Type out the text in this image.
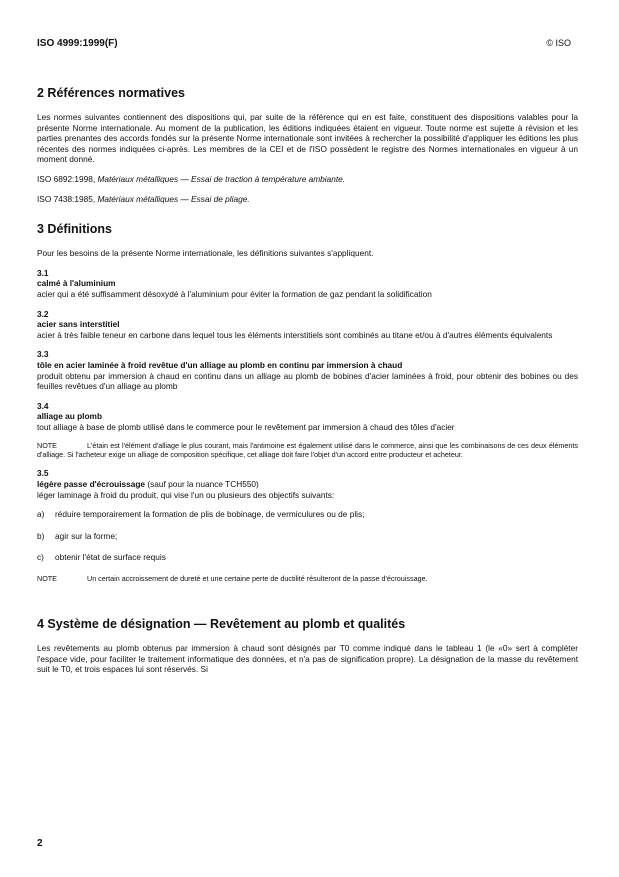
ISO 4999:1999(F)	© ISO
2 Références normatives

Les normes suivantes contiennent des dispositions qui, par suite de la référence qui en est faite, constituent des dispositions valables pour la présente Norme internationale. Au moment de la publication, les éditions indiquées étaient en vigueur. Toute norme est sujette à révision et les parties prenantes des accords fondés sur la présente Norme internationale sont invitées à rechercher la possibilité d'appliquer les éditions les plus récentes des normes indiquées ci-après. Les membres de la CEI et de l'ISO possèdent le registre des Normes internationales en vigueur à un moment donné.

ISO 6892:1998, Matériaux métalliques — Essai de traction à température ambiante.

ISO 7438:1985, Matériaux métalliques — Essai de pliage.

3 Définitions

Pour les besoins de la présente Norme internationale, les définitions suivantes s'appliquent.

3.1
calmé à l'aluminium
acier qui a été suffisamment désoxydé à l'aluminium pour éviter la formation de gaz pendant la solidification
3.2
acier sans interstitiel
acier à très faible teneur en carbone dans lequel tous les éléments interstitiels sont combinés au titane et/ou à d'autres éléments équivalents
3.3
tôle en acier laminée à froid revêtue d'un alliage au plomb en continu par immersion à chaud
produit obtenu par immersion à chaud en continu dans un alliage au plomb de bobines d'acier laminées à froid, pour obtenir des bobines ou des feuilles revêtues d'un alliage au plomb
3.4
alliage au plomb
tout alliage à base de plomb utilisé dans le commerce pour le revêtement par immersion à chaud des tôles d'acier
NOTE	L'étain est l'élément d'alliage le plus courant, mais l'antimoine est également utilisé dans le commerce, ainsi que les combinaisons de ces deux éléments d'alliage. Si l'acheteur exige un alliage de composition spécifique, cet alliage doit faire l'objet d'un accord entre producteur et acheteur.
3.5
légère passe d'écrouissage (sauf pour la nuance TCH550)
léger laminage à froid du produit, qui vise l'un ou plusieurs des objectifs suivants:
a) réduire temporairement la formation de plis de bobinage, de vermiculures ou de plis;
b) agir sur la forme;
c) obtenir l'état de surface requis
NOTE	Un certain accroissement de dureté et une certaine perte de ductilité résulteront de la passe d'écrouissage.
4 Système de désignation — Revêtement au plomb et qualités

Les revêtements au plomb obtenus par immersion à chaud sont désignés par T0 comme indiqué dans le tableau 1 (le «0» sert à compléter l'espace vide, pour faciliter le traitement informatique des données, et n'a pas de signification propre). La désignation de la masse du revêtement suit le T0, et trois espaces lui sont réservés. Si

2
